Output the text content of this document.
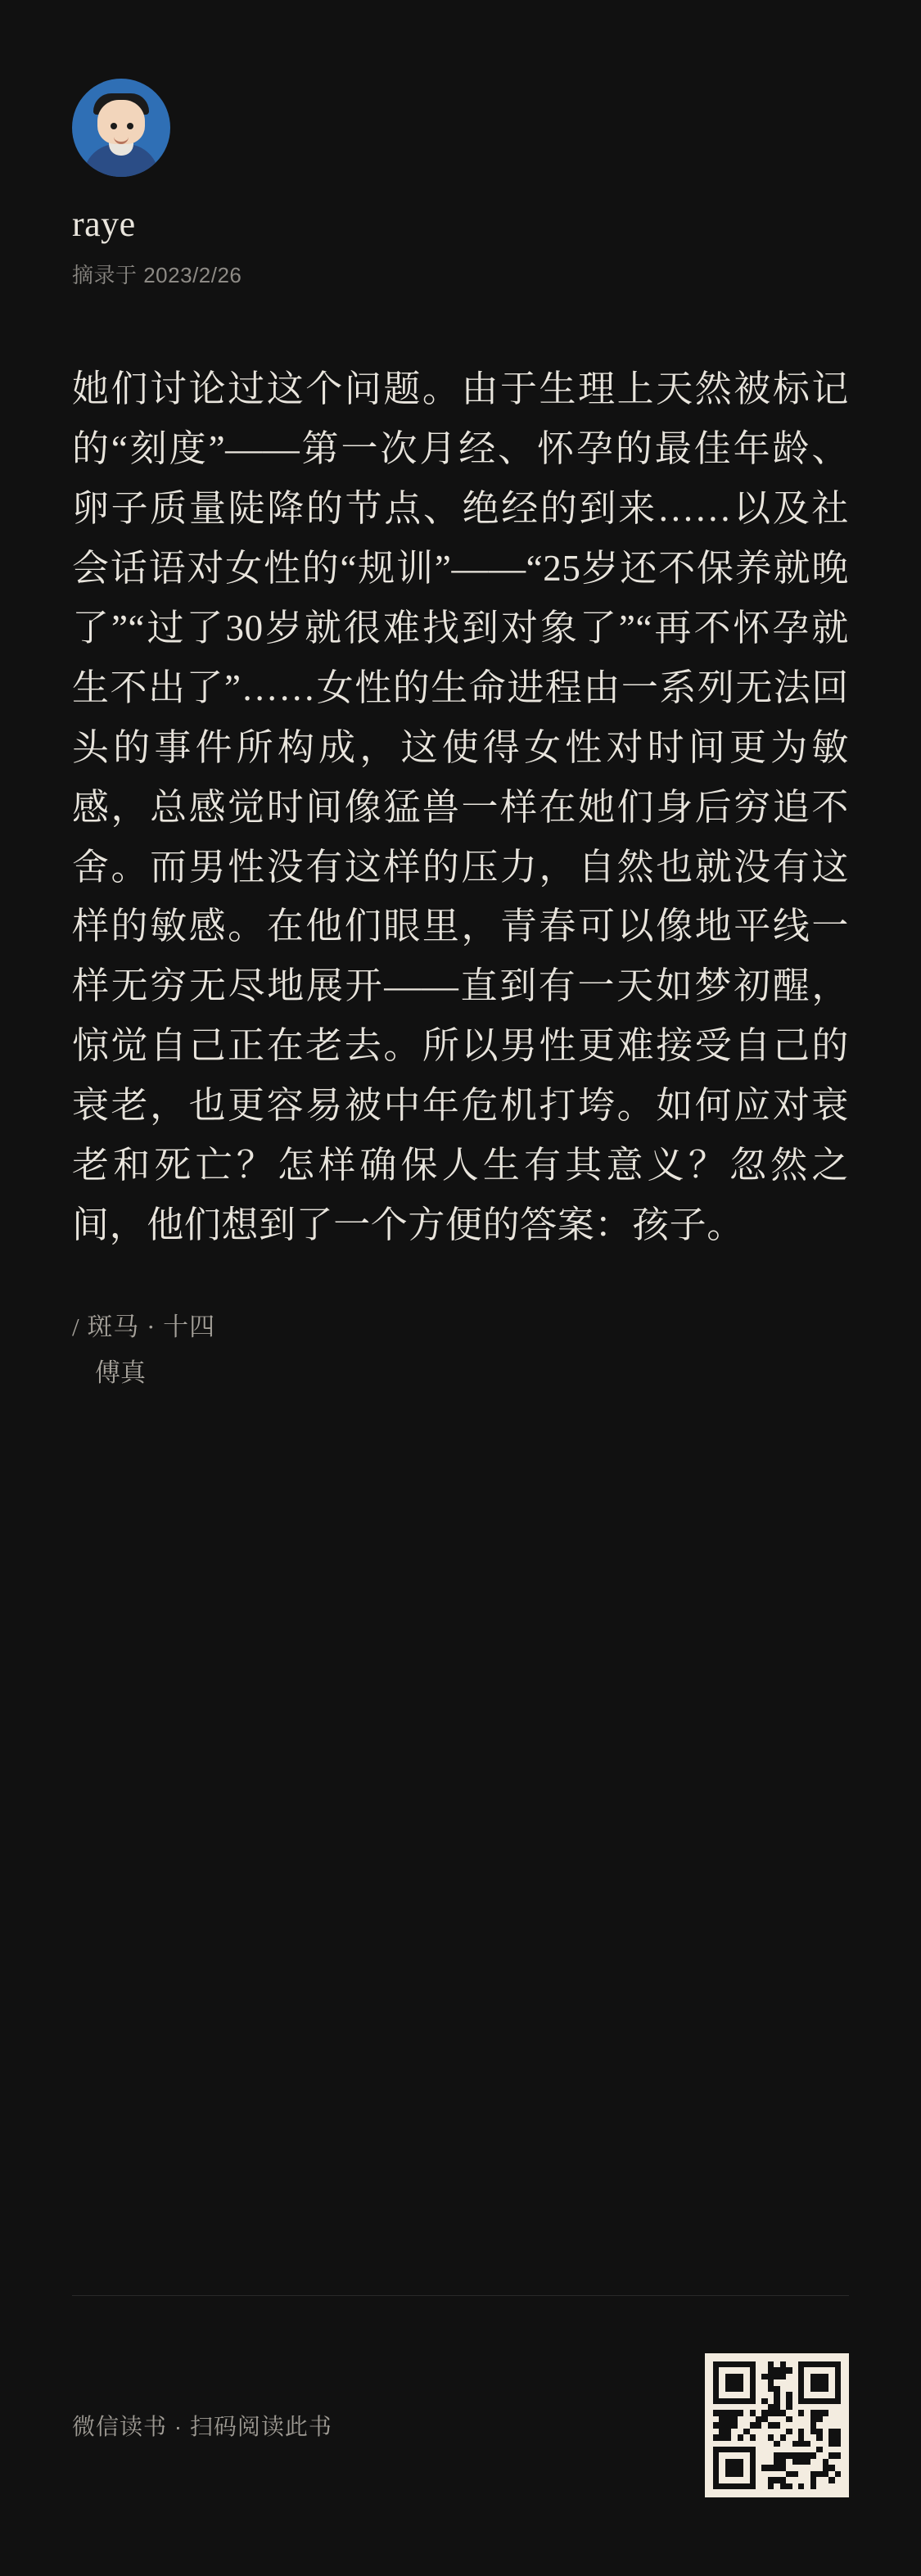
raye
摘录于 2023/2/26
她们讨论过这个问题。由于生理上天然被标记的“刻度”——第一次月经、怀孕的最佳年龄、卵子质量陡降的节点、绝经的到来……以及社会话语对女性的“规训”——“25岁还不保养就晚了”“过了30岁就很难找到对象了”“再不怀孕就生不出了”……女性的生命进程由一系列无法回头的事件所构成，这使得女性对时间更为敏感，总感觉时间像猛兽一样在她们身后穷追不舍。而男性没有这样的压力，自然也就没有这样的敏感。在他们眼里，青春可以像地平线一样无穷无尽地展开——直到有一天如梦初醒，惊觉自己正在老去。所以男性更难接受自己的衰老，也更容易被中年危机打垮。如何应对衰老和死亡？怎样确保人生有其意义？忽然之间，他们想到了一个方便的答案：孩子。
/ 斑马 · 十四
傅真
微信读书 · 扫码阅读此书
